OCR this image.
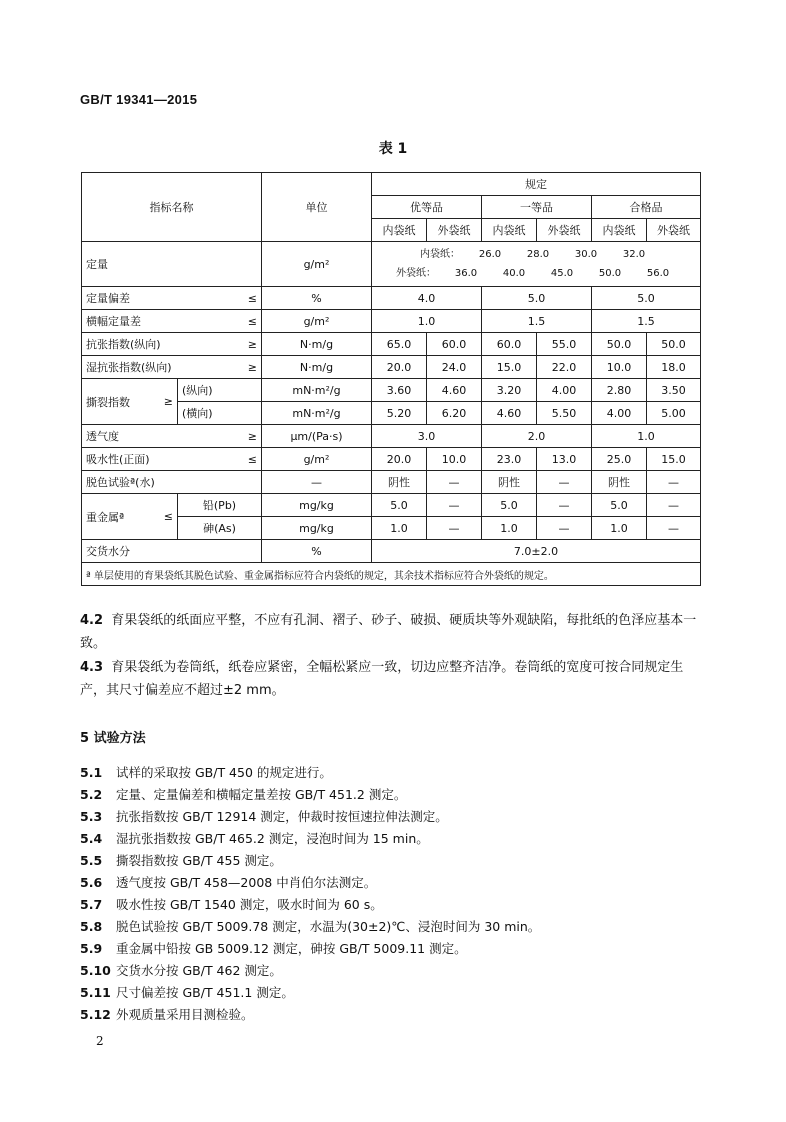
GB/T 19341—2015
表 1
指标名称		单位	规定					
			优等品		一等品		合格品	
			内袋纸	外袋纸	内袋纸	外袋纸	内袋纸	外袋纸
定量		g/m²	内袋纸： 26.0 28.0 30.0 32.0
外袋纸： 36.0 40.0 45.0 50.0 56.0					

定量偏差 ≤		%	4.0		5.0		5.0	

横幅定量差 ≤		g/m²	1.0		1.5		1.5	

抗张指数(纵向) ≥		N·m/g	65.0	60.0	60.0	55.0	50.0	50.0

湿抗张指数(纵向) ≥		N·m/g	20.0	24.0	15.0	22.0	10.0	18.0

撕裂指数 ≥	(纵向)	mN·m²/g	3.60	4.60	3.20	4.00	2.80	3.50
	(横向)	mN·m²/g	5.20	6.20	4.60	5.50	4.00	5.00

透气度 ≥		μm/(Pa·s)	3.0		2.0		1.0	

吸水性(正面) ≤		g/m²	20.0	10.0	23.0	13.0	25.0	15.0
脱色试验ª(水)		—	阴性	—	阴性	—	阴性	—

重金属ª ≤	铅(Pb)	mg/kg	5.0	—	5.0	—	5.0	—
	砷(As)	mg/kg	1.0	—	1.0	—	1.0	—
交货水分		%	7.0±2.0					
ª 单层使用的育果袋纸其脱色试验、重金属指标应符合内袋纸的规定，其余技术指标应符合外袋纸的规定。								
4.2 育果袋纸的纸面应平整，不应有孔洞、褶子、砂子、破损、硬质块等外观缺陷，每批纸的色泽应基本一致。
4.3 育果袋纸为卷筒纸，纸卷应紧密，全幅松紧应一致，切边应整齐洁净。卷筒纸的宽度可按合同规定生产，其尺寸偏差应不超过±2 mm。
5 试验方法
5.1 试样的采取按 GB/T 450 的规定进行。
5.2 定量、定量偏差和横幅定量差按 GB/T 451.2 测定。
5.3 抗张指数按 GB/T 12914 测定，仲裁时按恒速拉伸法测定。
5.4 湿抗张指数按 GB/T 465.2 测定，浸泡时间为 15 min。
5.5 撕裂指数按 GB/T 455 测定。
5.6 透气度按 GB/T 458—2008 中肖伯尔法测定。
5.7 吸水性按 GB/T 1540 测定，吸水时间为 60 s。
5.8 脱色试验按 GB/T 5009.78 测定，水温为(30±2)℃、浸泡时间为 30 min。
5.9 重金属中铅按 GB 5009.12 测定，砷按 GB/T 5009.11 测定。
5.10 交货水分按 GB/T 462 测定。
5.11 尺寸偏差按 GB/T 451.1 测定。
5.12 外观质量采用目测检验。
2
